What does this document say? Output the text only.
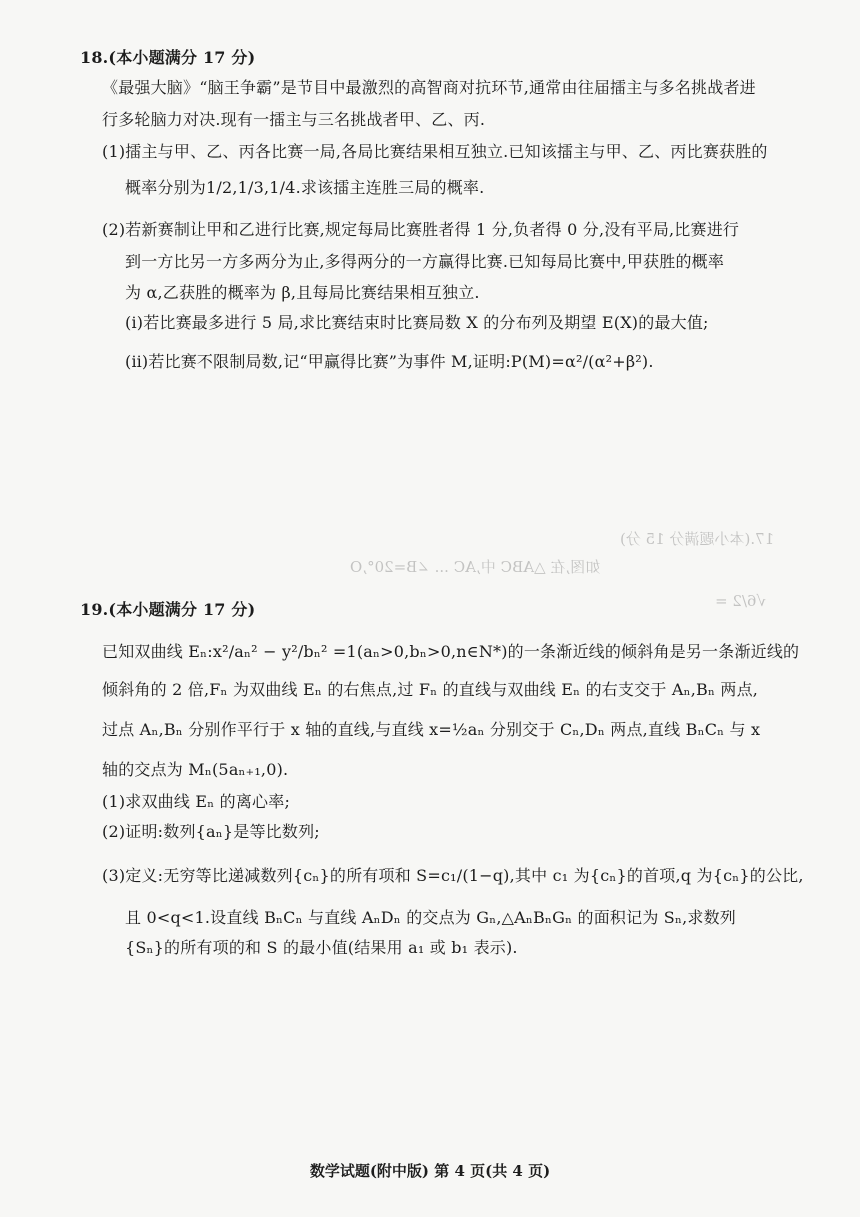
18.(本小题满分 17 分)
《最强大脑》“脑王争霸”是节目中最激烈的高智商对抗环节,通常由往届擂主与多名挑战者进
行多轮脑力对决.现有一擂主与三名挑战者甲、乙、丙.
(1)擂主与甲、乙、丙各比赛一局,各局比赛结果相互独立.已知该擂主与甲、乙、丙比赛获胜的
概率分别为1/2,1/3,1/4.求该擂主连胜三局的概率.
(2)若新赛制让甲和乙进行比赛,规定每局比赛胜者得 1 分,负者得 0 分,没有平局,比赛进行
到一方比另一方多两分为止,多得两分的一方赢得比赛.已知每局比赛中,甲获胜的概率
为 α,乙获胜的概率为 β,且每局比赛结果相互独立.
(ⅰ)若比赛最多进行 5 局,求比赛结束时比赛局数 X 的分布列及期望 E(X)的最大值;
(ⅱ)若比赛不限制局数,记“甲赢得比赛”为事件 M,证明:P(M)=α²/(α²+β²).
17.(本小题满分 15 分)
如图,在 △ABC 中,AC ... ∠B=20°,O
√6/2 =
19.(本小题满分 17 分)
已知双曲线 Eₙ:x²/aₙ² − y²/bₙ² =1(aₙ>0,bₙ>0,n∈N*)的一条渐近线的倾斜角是另一条渐近线的
倾斜角的 2 倍,Fₙ 为双曲线 Eₙ 的右焦点,过 Fₙ 的直线与双曲线 Eₙ 的右支交于 Aₙ,Bₙ 两点,
过点 Aₙ,Bₙ 分别作平行于 x 轴的直线,与直线 x=½aₙ 分别交于 Cₙ,Dₙ 两点,直线 BₙCₙ 与 x
轴的交点为 Mₙ(5aₙ₊₁,0).
(1)求双曲线 Eₙ 的离心率;
(2)证明:数列{aₙ}是等比数列;
(3)定义:无穷等比递减数列{cₙ}的所有项和 S=c₁/(1−q),其中 c₁ 为{cₙ}的首项,q 为{cₙ}的公比,
且 0<q<1.设直线 BₙCₙ 与直线 AₙDₙ 的交点为 Gₙ,△AₙBₙGₙ 的面积记为 Sₙ,求数列
{Sₙ}的所有项的和 S 的最小值(结果用 a₁ 或 b₁ 表示).
数学试题(附中版) 第 4 页(共 4 页)
